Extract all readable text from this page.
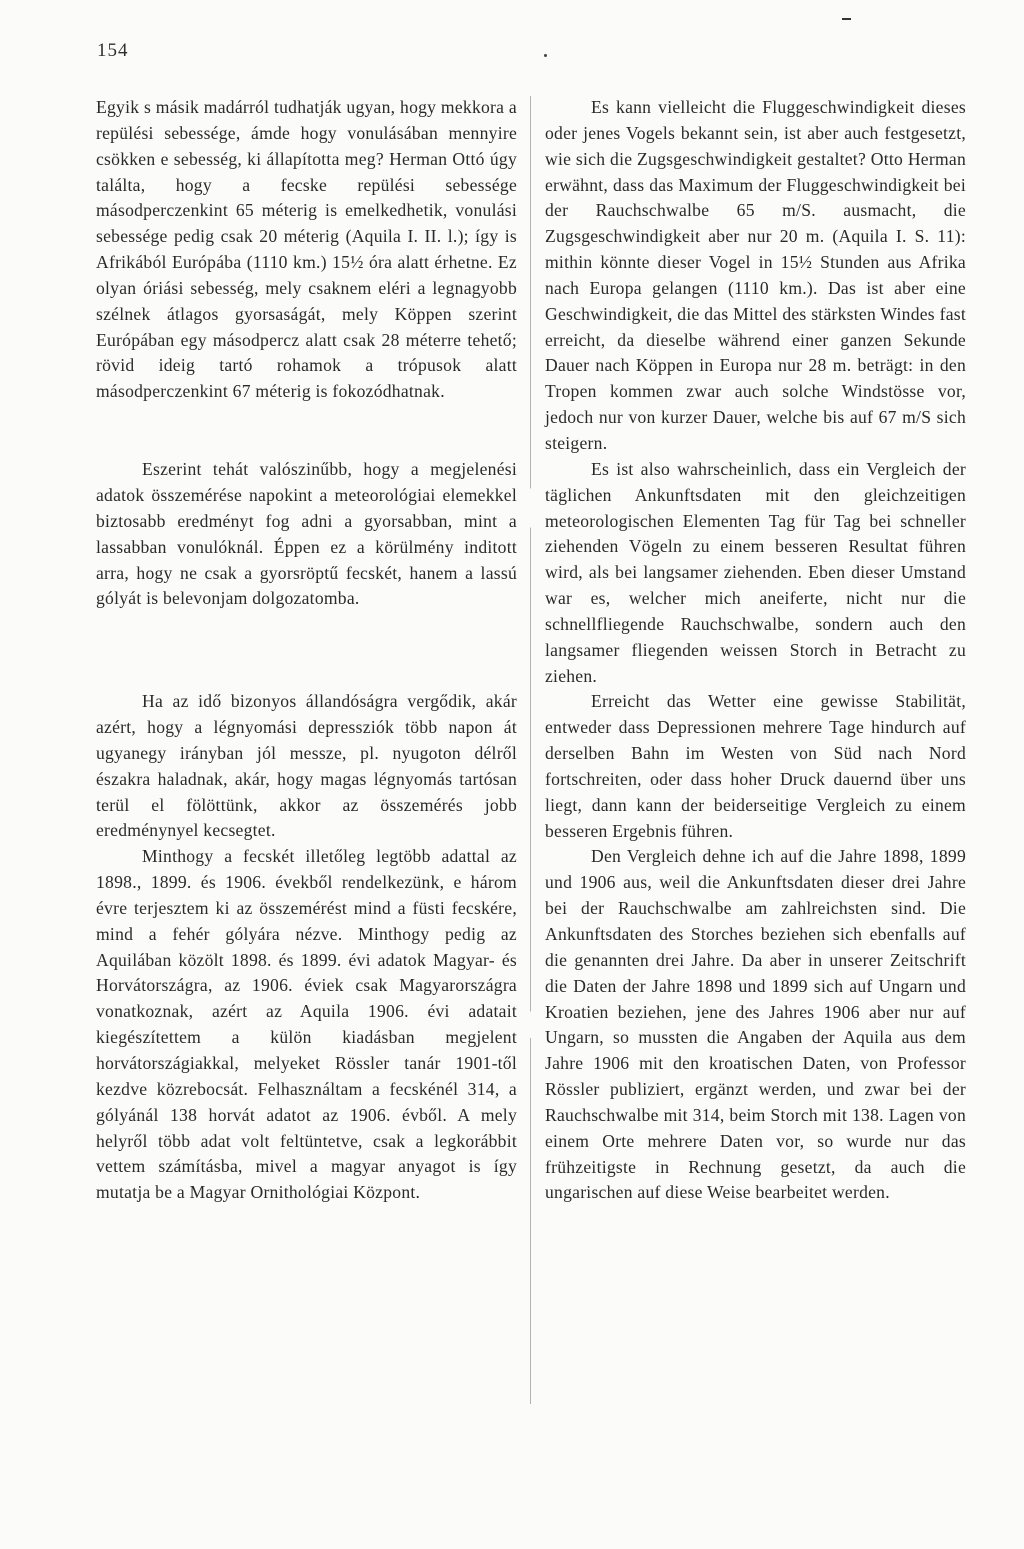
154

Egyik s másik madárról tudhatják ugyan, hogy mekkora a repülési sebessége, ámde hogy vonulásában mennyire csökken e sebesség, ki állapította meg? Herman Ottó úgy találta, hogy a fecske repülési sebessége másodperczenkint 65 méterig is emelkedhetik, vonulási sebessége pedig csak 20 méterig (Aquila I. II. l.); így is Afrikából Európába (1110 km.) 15½ óra alatt érhetne. Ez olyan óriási sebesség, mely csaknem eléri a legnagyobb szélnek átlagos gyorsaságát, mely Köppen szerint Európában egy másodpercz alatt csak 28 méterre tehető; rövid ideig tartó rohamok a trópusok alatt másodperczenkint 67 méterig is fokozódhatnak.

Eszerint tehát valószinűbb, hogy a megjelenési adatok összemérése napokint a meteorológiai elemekkel biztosabb eredményt fog adni a gyorsabban, mint a lassabban vonulóknál. Éppen ez a körülmény inditott arra, hogy ne csak a gyorsröptű fecskét, hanem a lassú gólyát is belevonjam dolgozatomba.

Ha az idő bizonyos állandóságra vergődik, akár azért, hogy a légnyomási depressziók több napon át ugyanegy irányban jól messze, pl. nyugoton délről északra haladnak, akár, hogy magas légnyomás tartósan terül el fölöttünk, akkor az összemérés jobb eredménynyel kecsegtet.

Minthogy a fecskét illetőleg legtöbb adattal az 1898., 1899. és 1906. évekből rendelkezünk, e három évre terjesztem ki az összemérést mind a füsti fecskére, mind a fehér gólyára nézve. Minthogy pedig az Aquilában közölt 1898. és 1899. évi adatok Magyar- és Horvátországra, az 1906. éviek csak Magyarországra vonatkoznak, azért az Aquila 1906. évi adatait kiegészítettem a külön kiadásban megjelent horvátországiakkal, melyeket Rössler tanár 1901-től kezdve közrebocsát. Felhasználtam a fecskénél 314, a gólyánál 138 horvát adatot az 1906. évből. A mely helyről több adat volt feltüntetve, csak a legkorábbit vettem számításba, mivel a magyar anyagot is így mutatja be a Magyar Ornithológiai Központ.

Es kann vielleicht die Fluggeschwindigkeit dieses oder jenes Vogels bekannt sein, ist aber auch festgesetzt, wie sich die Zugsgeschwindigkeit gestaltet? Otto Herman erwähnt, dass das Maximum der Fluggeschwindigkeit bei der Rauchschwalbe 65 m/S. ausmacht, die Zugsgeschwindigkeit aber nur 20 m. (Aquila I. S. 11): mithin könnte dieser Vogel in 15½ Stunden aus Afrika nach Europa gelangen (1110 km.). Das ist aber eine Geschwindigkeit, die das Mittel des stärksten Windes fast erreicht, da dieselbe während einer ganzen Sekunde Dauer nach Köppen in Europa nur 28 m. beträgt: in den Tropen kommen zwar auch solche Windstösse vor, jedoch nur von kurzer Dauer, welche bis auf 67 m/S sich steigern.

Es ist also wahrscheinlich, dass ein Vergleich der täglichen Ankunftsdaten mit den gleichzeitigen meteorologischen Elementen Tag für Tag bei schneller ziehenden Vögeln zu einem besseren Resultat führen wird, als bei langsamer ziehenden. Eben dieser Umstand war es, welcher mich aneiferte, nicht nur die schnellfliegende Rauchschwalbe, sondern auch den langsamer fliegenden weissen Storch in Betracht zu ziehen.

Erreicht das Wetter eine gewisse Stabilität, entweder dass Depressionen mehrere Tage hindurch auf derselben Bahn im Westen von Süd nach Nord fortschreiten, oder dass hoher Druck dauernd über uns liegt, dann kann der beiderseitige Vergleich zu einem besseren Ergebnis führen.

Den Vergleich dehne ich auf die Jahre 1898, 1899 und 1906 aus, weil die Ankunftsdaten dieser drei Jahre bei der Rauchschwalbe am zahlreichsten sind. Die Ankunftsdaten des Storches beziehen sich ebenfalls auf die genannten drei Jahre. Da aber in unserer Zeitschrift die Daten der Jahre 1898 und 1899 sich auf Ungarn und Kroatien beziehen, jene des Jahres 1906 aber nur auf Ungarn, so mussten die Angaben der Aquila aus dem Jahre 1906 mit den kroatischen Daten, von Professor Rössler publiziert, ergänzt werden, und zwar bei der Rauchschwalbe mit 314, beim Storch mit 138. Lagen von einem Orte mehrere Daten vor, so wurde nur das frühzeitigste in Rechnung gesetzt, da auch die ungarischen auf diese Weise bearbeitet werden.
